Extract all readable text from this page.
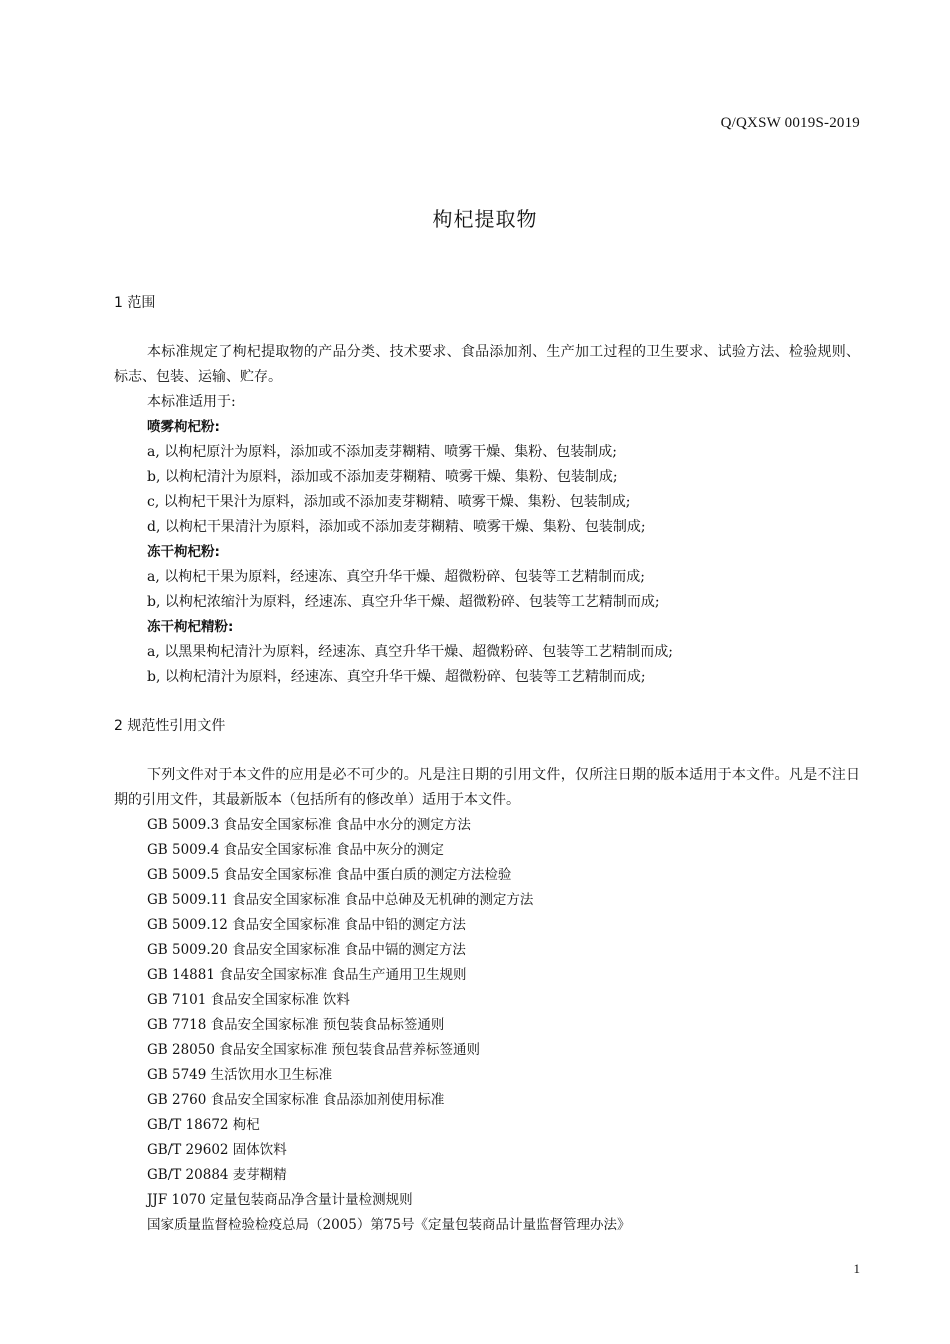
Q/QXSW 0019S-2019
枸杞提取物
1 范围

本标准规定了枸杞提取物的产品分类、技术要求、食品添加剂、生产加工过程的卫生要求、试验方法、检验规则、标志、包装、运输、贮存。

本标准适用于:

喷雾枸杞粉:

a, 以枸杞原汁为原料，添加或不添加麦芽糊精、喷雾干燥、集粉、包装制成;

b, 以枸杞清汁为原料，添加或不添加麦芽糊精、喷雾干燥、集粉、包装制成;

c, 以枸杞干果汁为原料，添加或不添加麦芽糊精、喷雾干燥、集粉、包装制成;

d, 以枸杞干果清汁为原料，添加或不添加麦芽糊精、喷雾干燥、集粉、包装制成;

冻干枸杞粉:

a, 以枸杞干果为原料，经速冻、真空升华干燥、超微粉碎、包装等工艺精制而成;

b, 以枸杞浓缩汁为原料，经速冻、真空升华干燥、超微粉碎、包装等工艺精制而成;

冻干枸杞精粉:

a, 以黑果枸杞清汁为原料，经速冻、真空升华干燥、超微粉碎、包装等工艺精制而成;

b, 以枸杞清汁为原料，经速冻、真空升华干燥、超微粉碎、包装等工艺精制而成;

2 规范性引用文件

下列文件对于本文件的应用是必不可少的。凡是注日期的引用文件，仅所注日期的版本适用于本文件。凡是不注日期的引用文件，其最新版本（包括所有的修改单）适用于本文件。

GB 5009.3 食品安全国家标准 食品中水分的测定方法

GB 5009.4 食品安全国家标准 食品中灰分的测定

GB 5009.5 食品安全国家标准 食品中蛋白质的测定方法检验

GB 5009.11 食品安全国家标准 食品中总砷及无机砷的测定方法

GB 5009.12 食品安全国家标准 食品中铅的测定方法

GB 5009.20 食品安全国家标准 食品中镉的测定方法

GB 14881 食品安全国家标准 食品生产通用卫生规则

GB 7101 食品安全国家标准 饮料

GB 7718 食品安全国家标准 预包装食品标签通则

GB 28050 食品安全国家标准 预包装食品营养标签通则

GB 5749 生活饮用水卫生标准

GB 2760 食品安全国家标准 食品添加剂使用标准

GB/T 18672 枸杞

GB/T 29602 固体饮料

GB/T 20884 麦芽糊精

JJF 1070 定量包装商品净含量计量检测规则

国家质量监督检验检疫总局（2005）第75号《定量包装商品计量监督管理办法》

1
